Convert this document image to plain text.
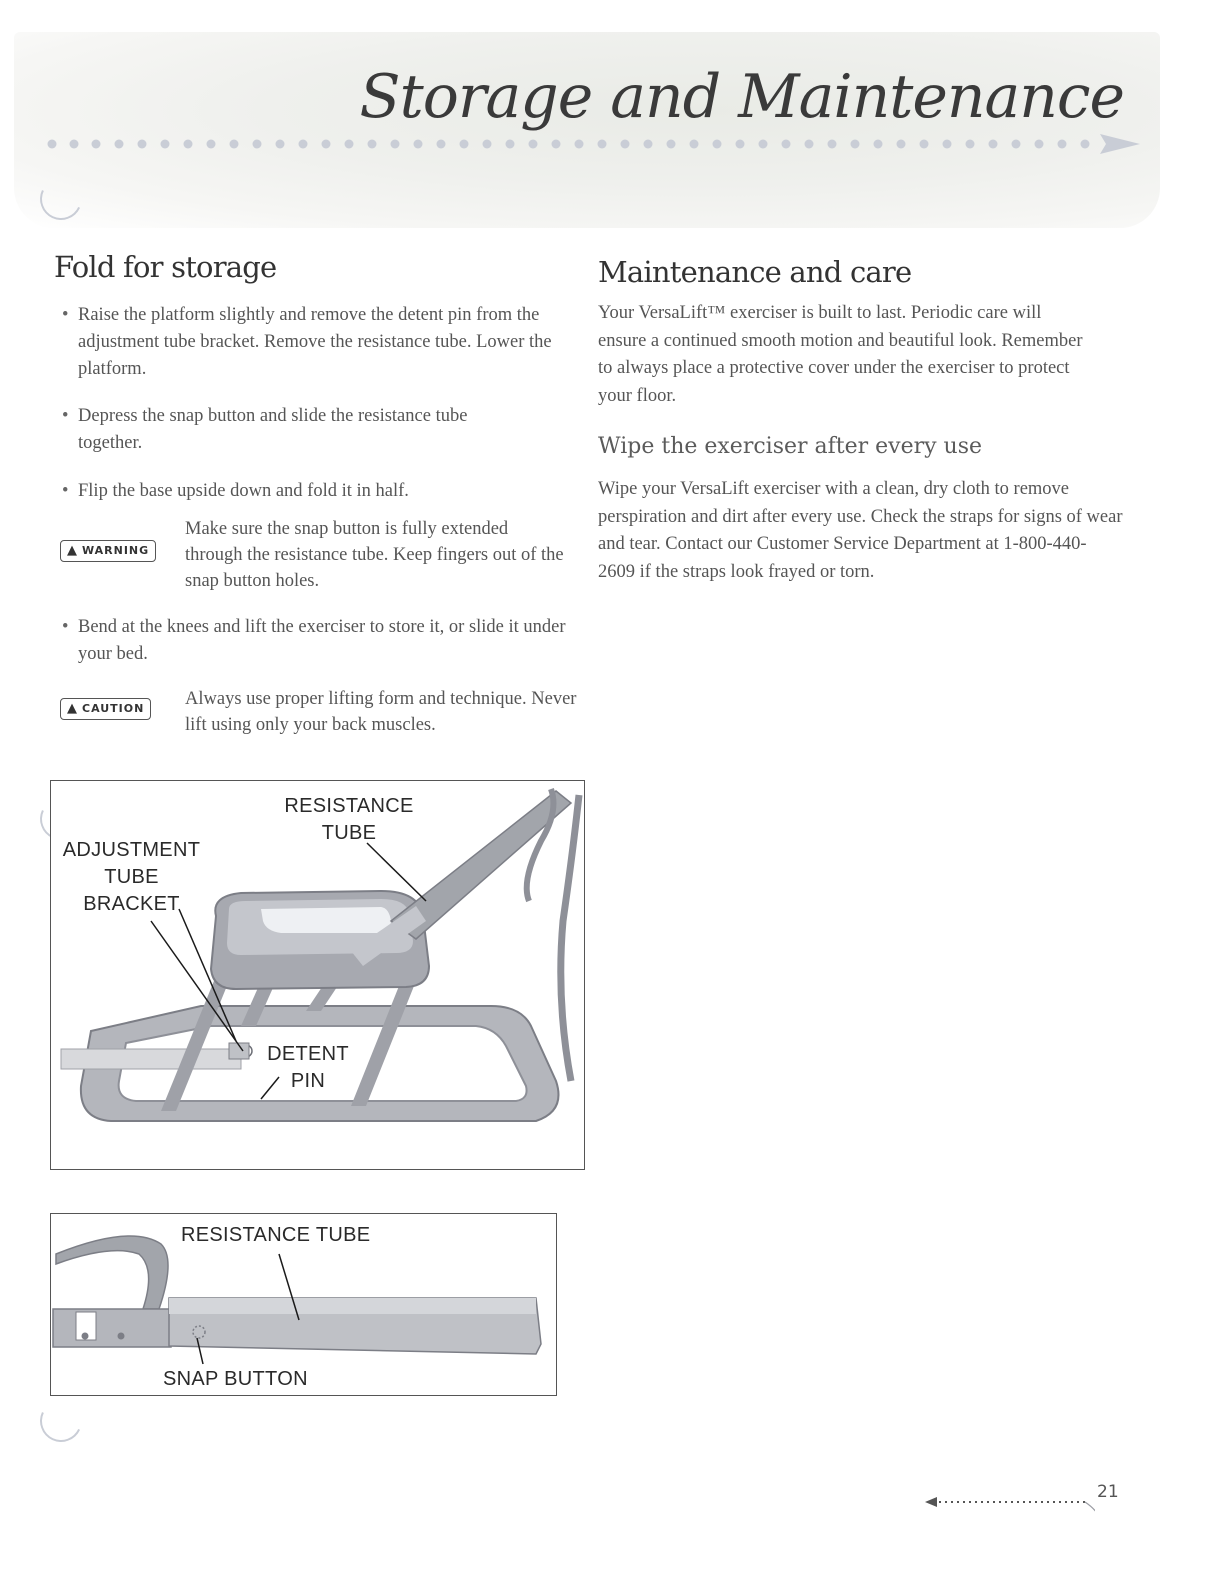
Storage and Maintenance
Fold for storage

• Raise the platform slightly and remove the detent pin from the adjustment tube bracket. Remove the resistance tube. Lower the platform.

• Depress the snap button and slide the resistance tube together.

• Flip the base upside down and fold it in half.

▲ WARNING

Make sure the snap button is fully extended through the resistance tube. Keep fingers out of the snap button holes.

• Bend at the knees and lift the exerciser to store it, or slide it under your bed.

▲ CAUTION	Always use proper lifting form and technique. Never lift using only your back muscles.

Maintenance and care

Your VersaLift™ exerciser is built to last. Periodic care will ensure a continued smooth motion and beautiful look. Remember to always place a protective cover under the exerciser to protect your floor.

Wipe the exerciser after every use

Wipe your VersaLift exerciser with a clean, dry cloth to remove perspiration and dirt after every use. Check the straps for signs of wear and tear. Contact our Customer Service Department at 1-800-440-2609 if the straps look frayed or torn.

RESISTANCE
TUBE

ADJUSTMENT
TUBE
BRACKET

DETENT
PIN

RESISTANCE TUBE

SNAP BUTTON

21
